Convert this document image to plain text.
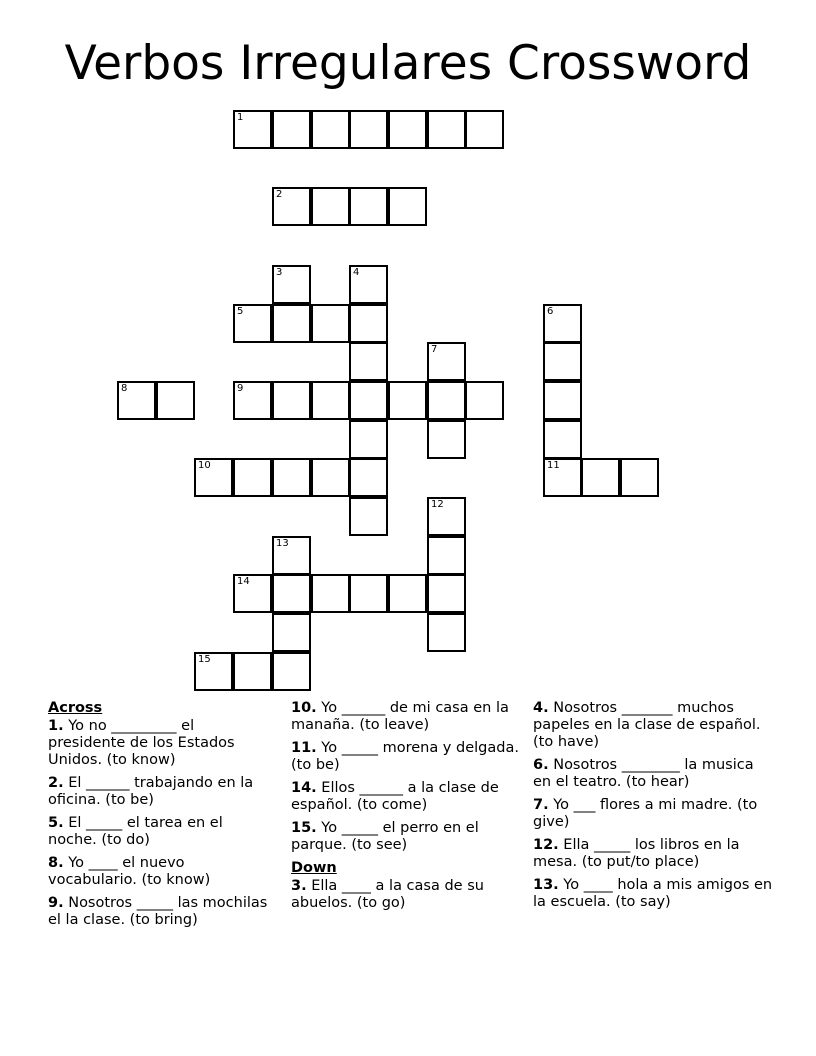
Verbos Irregulares Crossword
1
2
3	4
5	6
7
8	9
10	11
12
13
14
15
Across
1. Yo no _________ el presidente de los Estados Unidos. (to know)
2. El ______ trabajando en la oficina. (to be)
5. El _____ el tarea en el noche. (to do)
8. Yo ____ el nuevo vocabulario. (to know)
9. Nosotros _____ las mochilas el la clase. (to bring)
10. Yo ______ de mi casa en la manaña. (to leave)
11. Yo _____ morena y delgada. (to be)
14. Ellos ______ a la clase de español. (to come)
15. Yo _____ el perro en el parque. (to see)
Down
3. Ella ____ a la casa de su abuelos. (to go)
4. Nosotros _______ muchos papeles en la clase de español. (to have)
6. Nosotros ________ la musica en el teatro. (to hear)
7. Yo ___ flores a mi madre. (to give)
12. Ella _____ los libros en la mesa. (to put/to place)
13. Yo ____ hola a mis amigos en la escuela. (to say)
